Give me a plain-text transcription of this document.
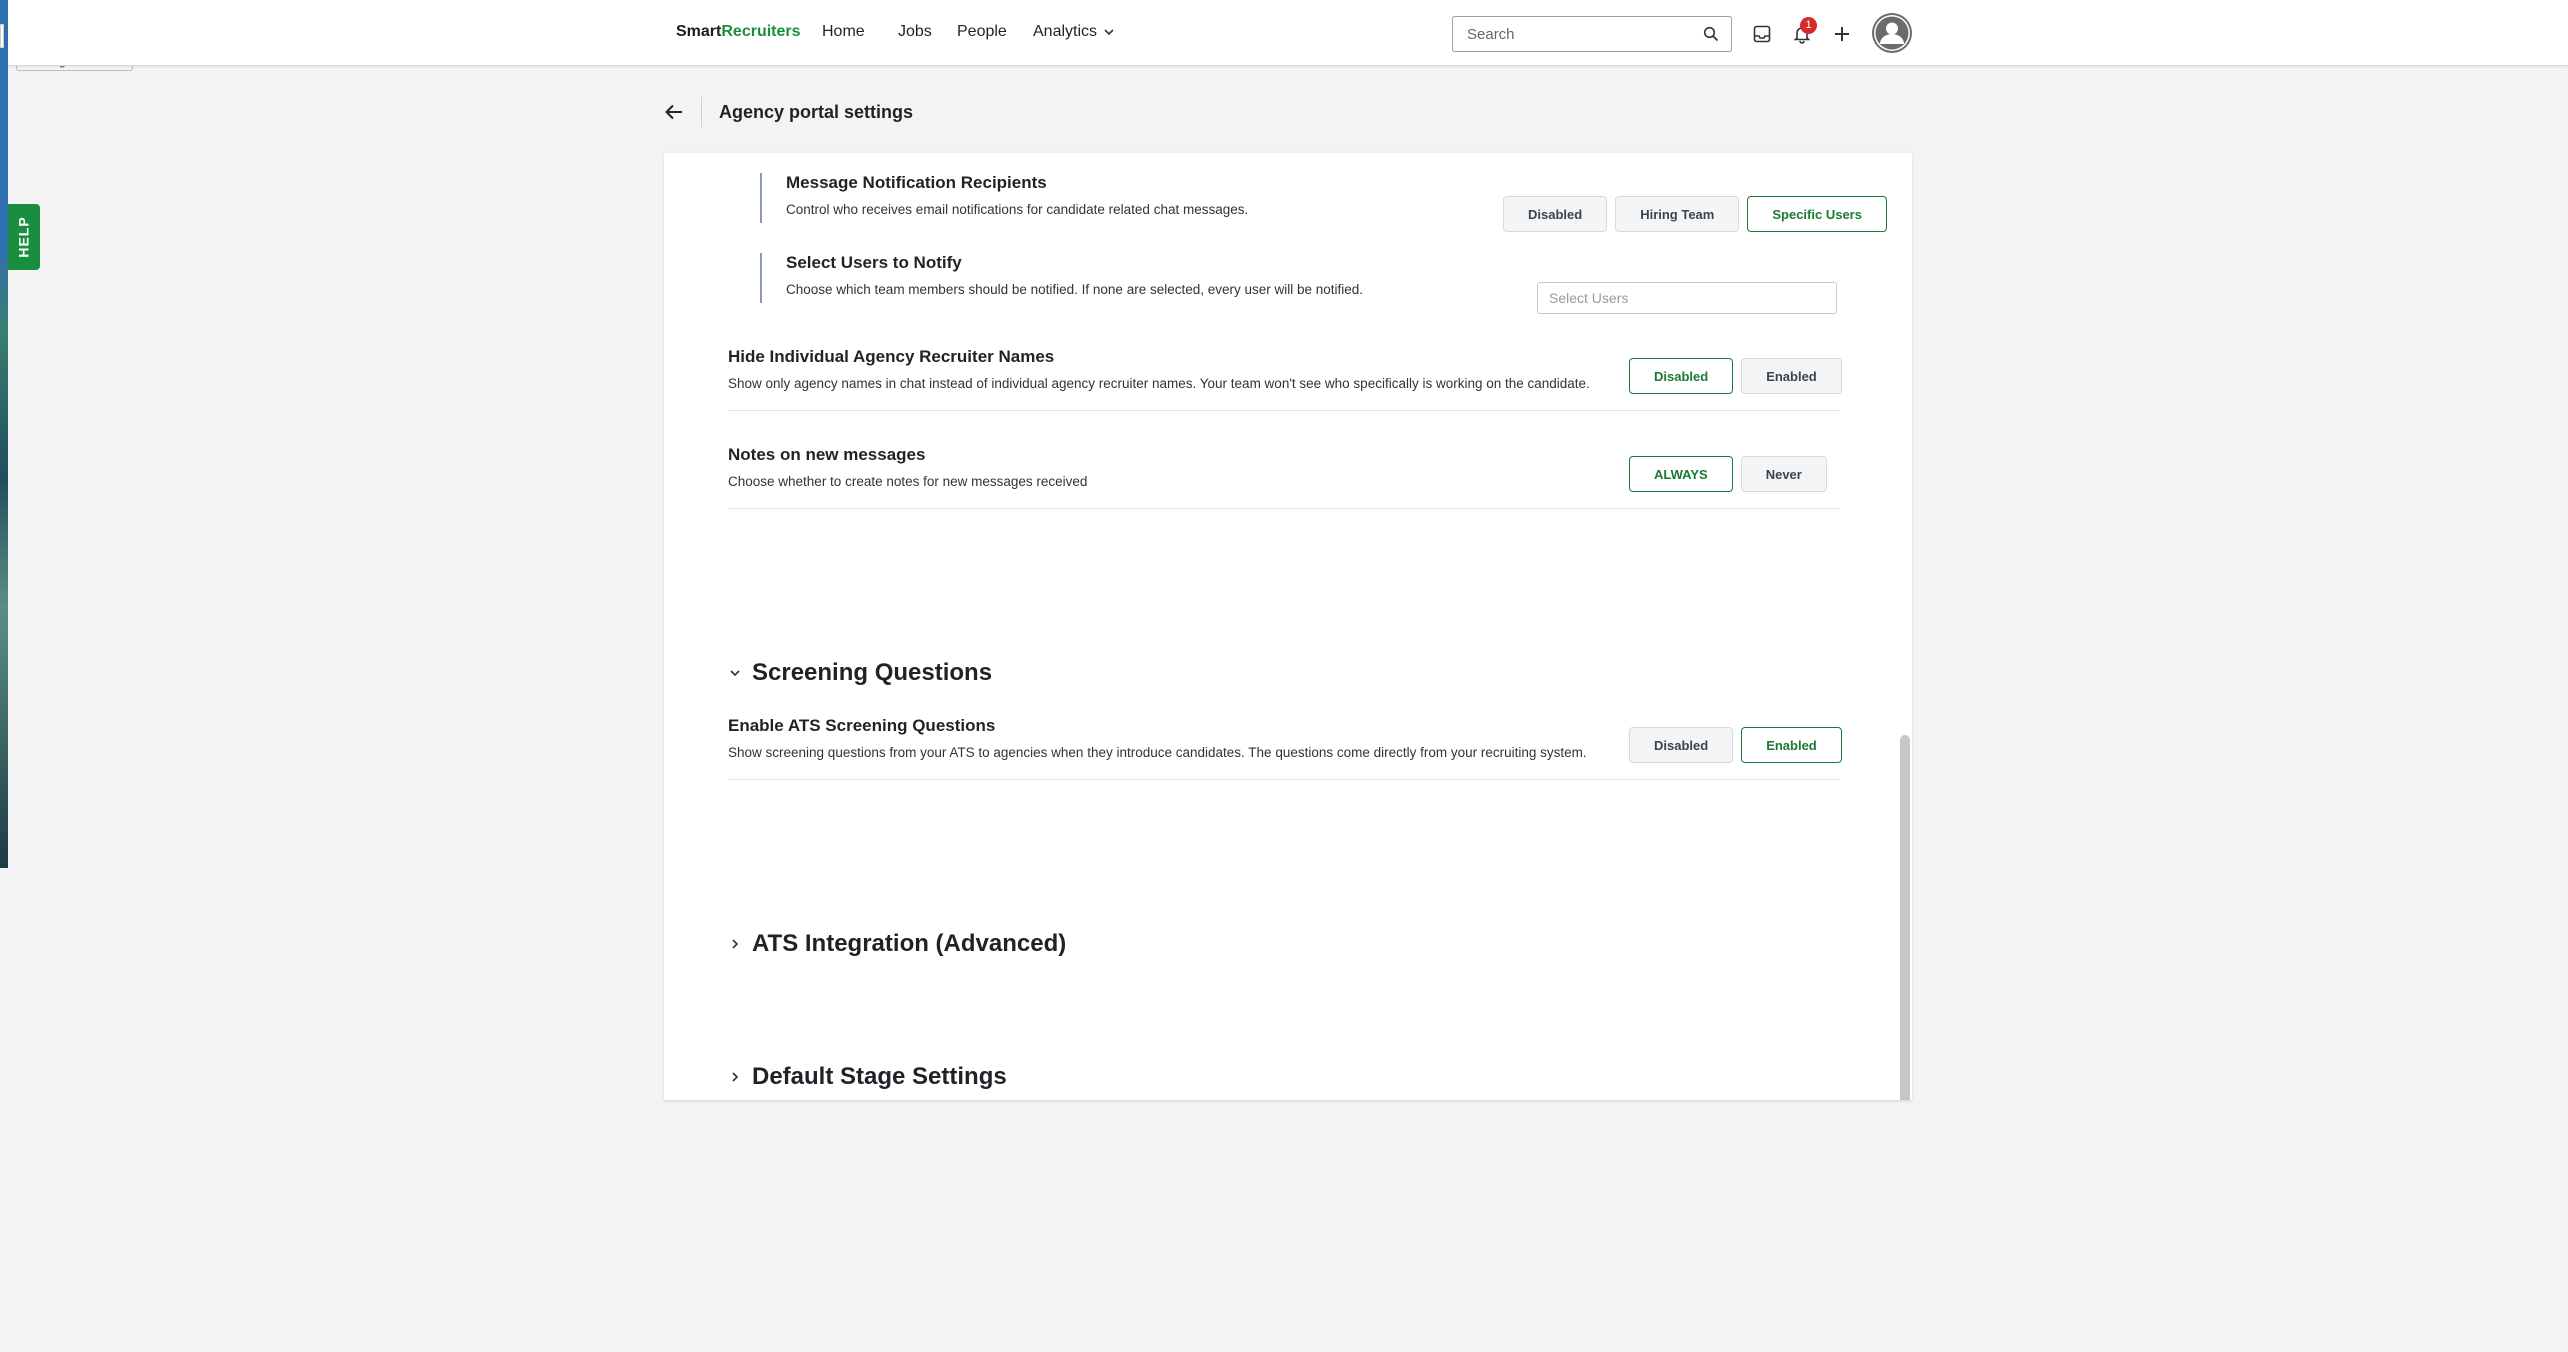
HELP
SmartRecruiters Home Jobs People Analytics
Search	1
Agency portal settings
Message Notification Recipients
Control who receives email notifications for candidate related chat messages.	Disabled	Hiring Team	Specific Users
Select Users to Notify
Choose which team members should be notified. If none are selected, every user will be notified.
Select Users
Hide Individual Agency Recruiter Names
Show only agency names in chat instead of individual agency recruiter names. Your team won't see who specifically is working on the candidate.	Disabled	Enabled
Notes on new messages
Choose whether to create notes for new messages received	ALWAYS	Never
Screening Questions
Enable ATS Screening Questions
Show screening questions from your ATS to agencies when they introduce candidates. The questions come directly from your recruiting system.	Disabled	Enabled
ATS Integration (Advanced)
Default Stage Settings
